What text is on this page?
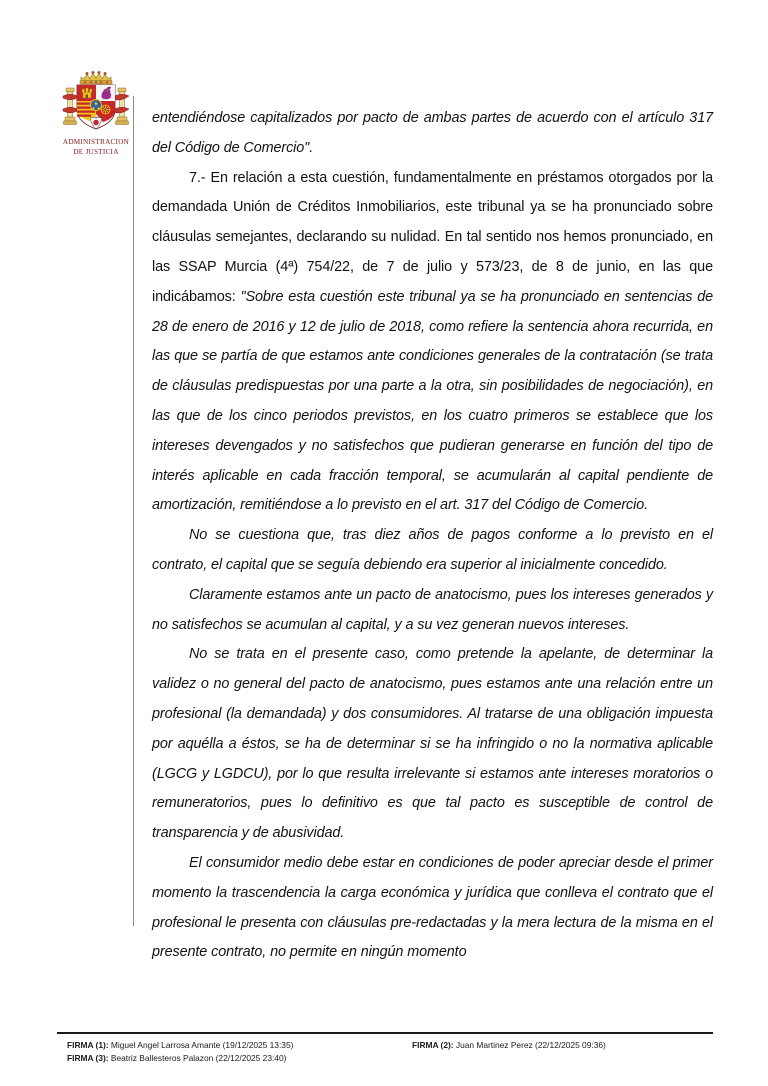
ADMINISTRACION
DE JUSTICIA

entendiéndose capitalizados por pacto de ambas partes de acuerdo con el artículo 317 del Código de Comercio".

7.- En relación a esta cuestión, fundamentalmente en préstamos otorgados por la demandada Unión de Créditos Inmobiliarios, este tribunal ya se ha pronunciado sobre cláusulas semejantes, declarando su nulidad. En tal sentido nos hemos pronunciado, en las SSAP Murcia (4ª) 754/22, de 7 de julio y 573/23, de 8 de junio, en las que indicábamos: "Sobre esta cuestión este tribunal ya se ha pronunciado en sentencias de 28 de enero de 2016 y 12 de julio de 2018, como refiere la sentencia ahora recurrida, en las que se partía de que estamos ante condiciones generales de la contratación (se trata de cláusulas predispuestas por una parte a la otra, sin posibilidades de negociación), en las que de los cinco periodos previstos, en los cuatro primeros se establece que los intereses devengados y no satisfechos que pudieran generarse en función del tipo de interés aplicable en cada fracción temporal, se acumularán al capital pendiente de amortización, remitiéndose a lo previsto en el art. 317 del Código de Comercio.

No se cuestiona que, tras diez años de pagos conforme a lo previsto en el contrato, el capital que se seguía debiendo era superior al inicialmente concedido.

Claramente estamos ante un pacto de anatocismo, pues los intereses generados y no satisfechos se acumulan al capital, y a su vez generan nuevos intereses.

No se trata en el presente caso, como pretende la apelante, de determinar la validez o no general del pacto de anatocismo, pues estamos ante una relación entre un profesional (la demandada) y dos consumidores. Al tratarse de una obligación impuesta por aquélla a éstos, se ha de determinar si se ha infringido o no la normativa aplicable (LGCG y LGDCU), por lo que resulta irrelevante si estamos ante intereses moratorios o remuneratorios, pues lo definitivo es que tal pacto es susceptible de control de transparencia y de abusividad.

El consumidor medio debe estar en condiciones de poder apreciar desde el primer momento la trascendencia la carga económica y jurídica que conlleva el contrato que el profesional le presenta con cláusulas pre-redactadas y la mera lectura de la misma en el presente contrato, no permite en ningún momento

FIRMA (1): Miguel Angel Larrosa Amante (19/12/2025 13:35)
FIRMA (3): Beatriz Ballesteros Palazon (22/12/2025 23:40)
FIRMA (2): Juan Martinez Perez (22/12/2025 09:36)
